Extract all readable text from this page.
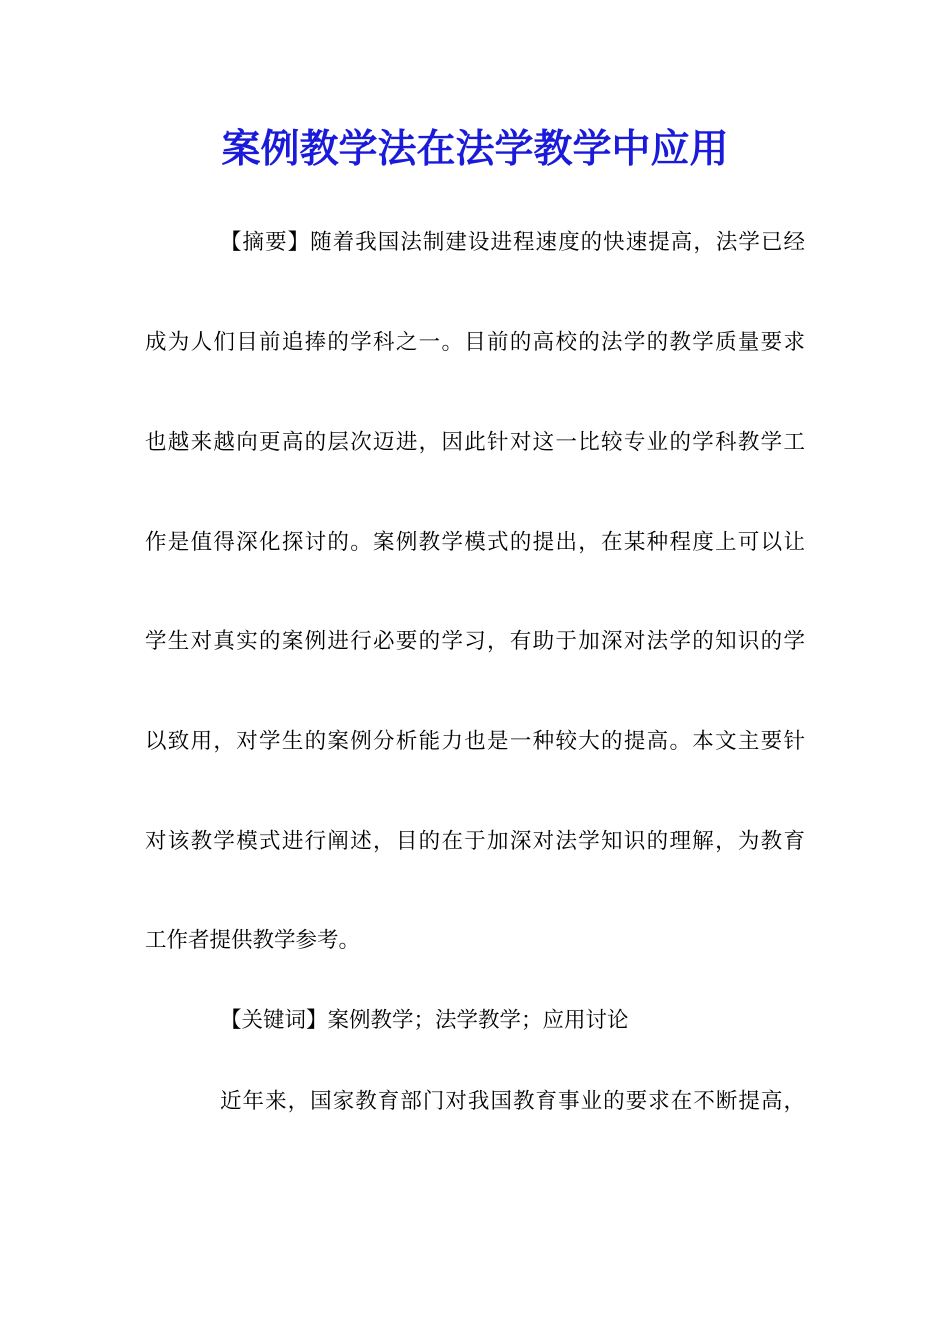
案例教学法在法学教学中应用
【摘要】随着我国法制建设进程速度的快速提高，法学已经
成为人们目前追捧的学科之一。目前的高校的法学的教学质量要求
也越来越向更高的层次迈进，因此针对这一比较专业的学科教学工
作是值得深化探讨的。案例教学模式的提出，在某种程度上可以让
学生对真实的案例进行必要的学习，有助于加深对法学的知识的学
以致用，对学生的案例分析能力也是一种较大的提高。本文主要针
对该教学模式进行阐述，目的在于加深对法学知识的理解，为教育
工作者提供教学参考。
【关键词】案例教学；法学教学；应用讨论
近年来，国家教育部门对我国教育事业的要求在不断提高，
